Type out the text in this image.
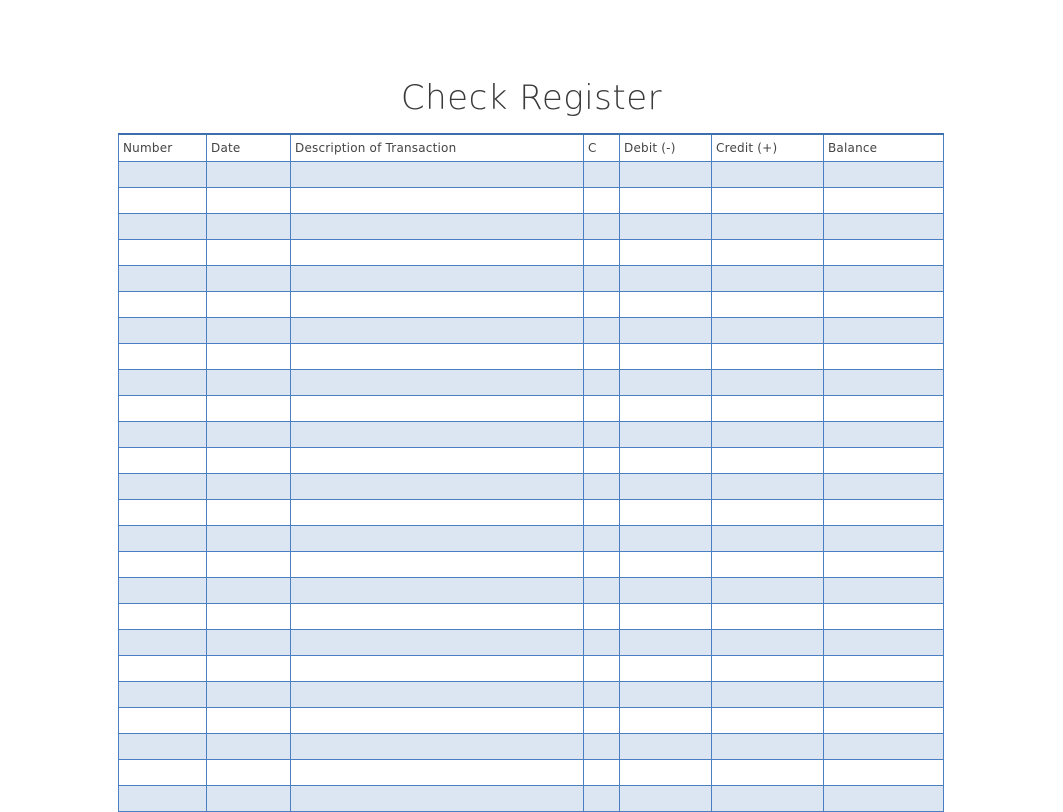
Check Register
Number	Date	Description of Transaction	C	Debit (-)	Credit (+)	Balance
